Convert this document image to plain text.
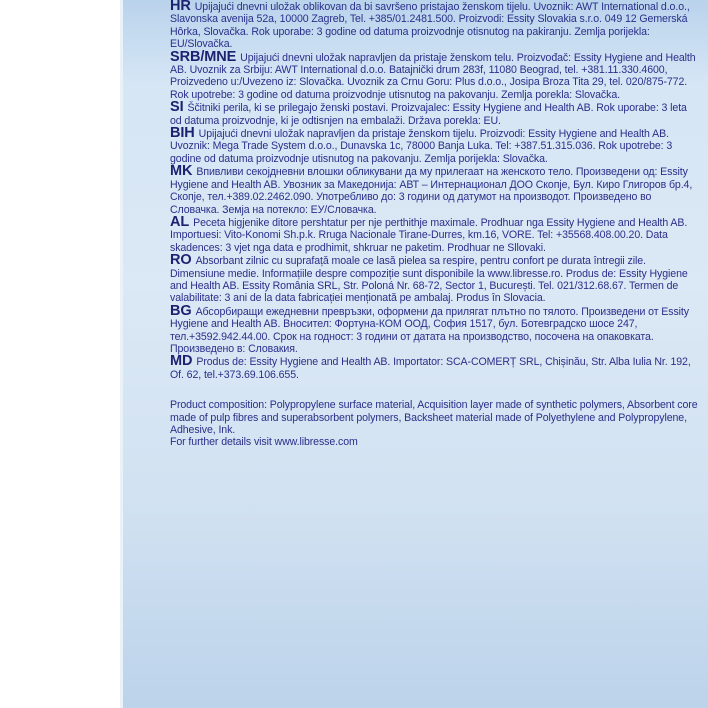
HR Upijajući dnevni uložak oblikovan da bi savršeno pristajao ženskom tijelu. Uvoznik: AWT International d.o.o., Slavonska avenija 52a, 10000 Zagreb, Tel. +385/01.2481.500. Proizvodi: Essity Slovakia s.r.o. 049 12 Gemerská Hôrka, Slovačka. Rok uporabe: 3 godine od datuma proizvodnje otisnutog na pakiranju. Zemlja porijekla: EU/Slovačka.
SRB/MNE Upijajući dnevni uložak napravljen da pristaje ženskom telu. Proizvođač: Essity Hygiene and Health AB. Uvoznik za Srbiju: AWT International d.o.o. Batajnički drum 283f, 11080 Beograd, tel. +381.11.330.4600, Proizvedeno u:/Uvezeno iz: Slovačka. Uvoznik za Crnu Goru: Plus d.o.o., Josipa Broza Tita 29, tel. 020/875-772. Rok upotrebe: 3 godine od datuma proizvodnje utisnutog na pakovanju. Zemlja porekla: Slovačka.
SI Ščitniki perila, ki se prilegajo ženski postavi. Proizvajalec: Essity Hygiene and Health AB. Rok uporabe: 3 leta od datuma proizvodnje, ki je odtisnjen na embalaži. Država porekla: EU.
BIH Upijajući dnevni uložak napravljen da pristaje ženskom tijelu. Proizvodi: Essity Hygiene and Health AB. Uvoznik: Mega Trade System d.o.o., Dunavska 1c, 78000 Banja Luka. Tel: +387.51.315.036. Rok upotrebe: 3 godine od datuma proizvodnje utisnutog na pakovanju. Zemlja porijekla: Slovačka.
MK Впивливи секојдневни влошки обликувани да му прилегаат на женското тело. Произведени од: Essity Hygiene and Health AB. Увозник за Македонија: АВТ – Интернационал ДОО Скопје, Бул. Киро Глигоров бр.4, Скопје, тел.+389.02.2462.090. Употребливо до: 3 години од датумот на производот. Произведено во Словачка. Земја на потекло: ЕУ/Словачка.
AL Peceta higjenike ditore pershtatur per nje perthithje maximale. Prodhuar nga Essity Hygiene and Health AB. Importuesi: Vito-Konomi Sh.p.k. Rruga Nacionale Tirane-Durres, km.16, VORE. Tel: +35568.408.00.20. Data skadences: 3 vjet nga data e prodhimit, shkruar ne paketim. Prodhuar ne Sllovaki.
RO Absorbant zilnic cu suprafață moale ce lasă pielea sa respire, pentru confort pe durata întregii zile. Dimensiune medie. Informațiile despre compoziție sunt disponibile la www.libresse.ro. Produs de: Essity Hygiene and Health AB. Essity România SRL, Str. Poloná Nr. 68-72, Sector 1, București. Tel. 021/312.68.67. Termen de valabilitate: 3 ani de la data fabricației menționată pe ambalaj. Produs în Slovacia.
BG Абсорбиращи ежедневни превръзки, оформени да прилягат плътно по тялото. Произведени от Essity Hygiene and Health AB. Вносител: Фортуна-КОМ ООД, София 1517, бул. Ботевградско шосе 247, тел.+3592.942.44.00. Срок на годност: 3 години от датата на производство, посочена на опаковката. Произведено в: Словакия.
MD Produs de: Essity Hygiene and Health AB. Importator: SCA-COMERȚ SRL, Chișinău, Str. Alba Iulia Nr. 192, Of. 62, tel.+373.69.106.655.
Product composition: Polypropylene surface material, Acquisition layer made of synthetic polymers, Absorbent core made of pulp fibres and superabsorbent polymers, Backsheet material made of Polyethylene and Polypropylene, Adhesive, Ink.
For further details visit www.libresse.com
